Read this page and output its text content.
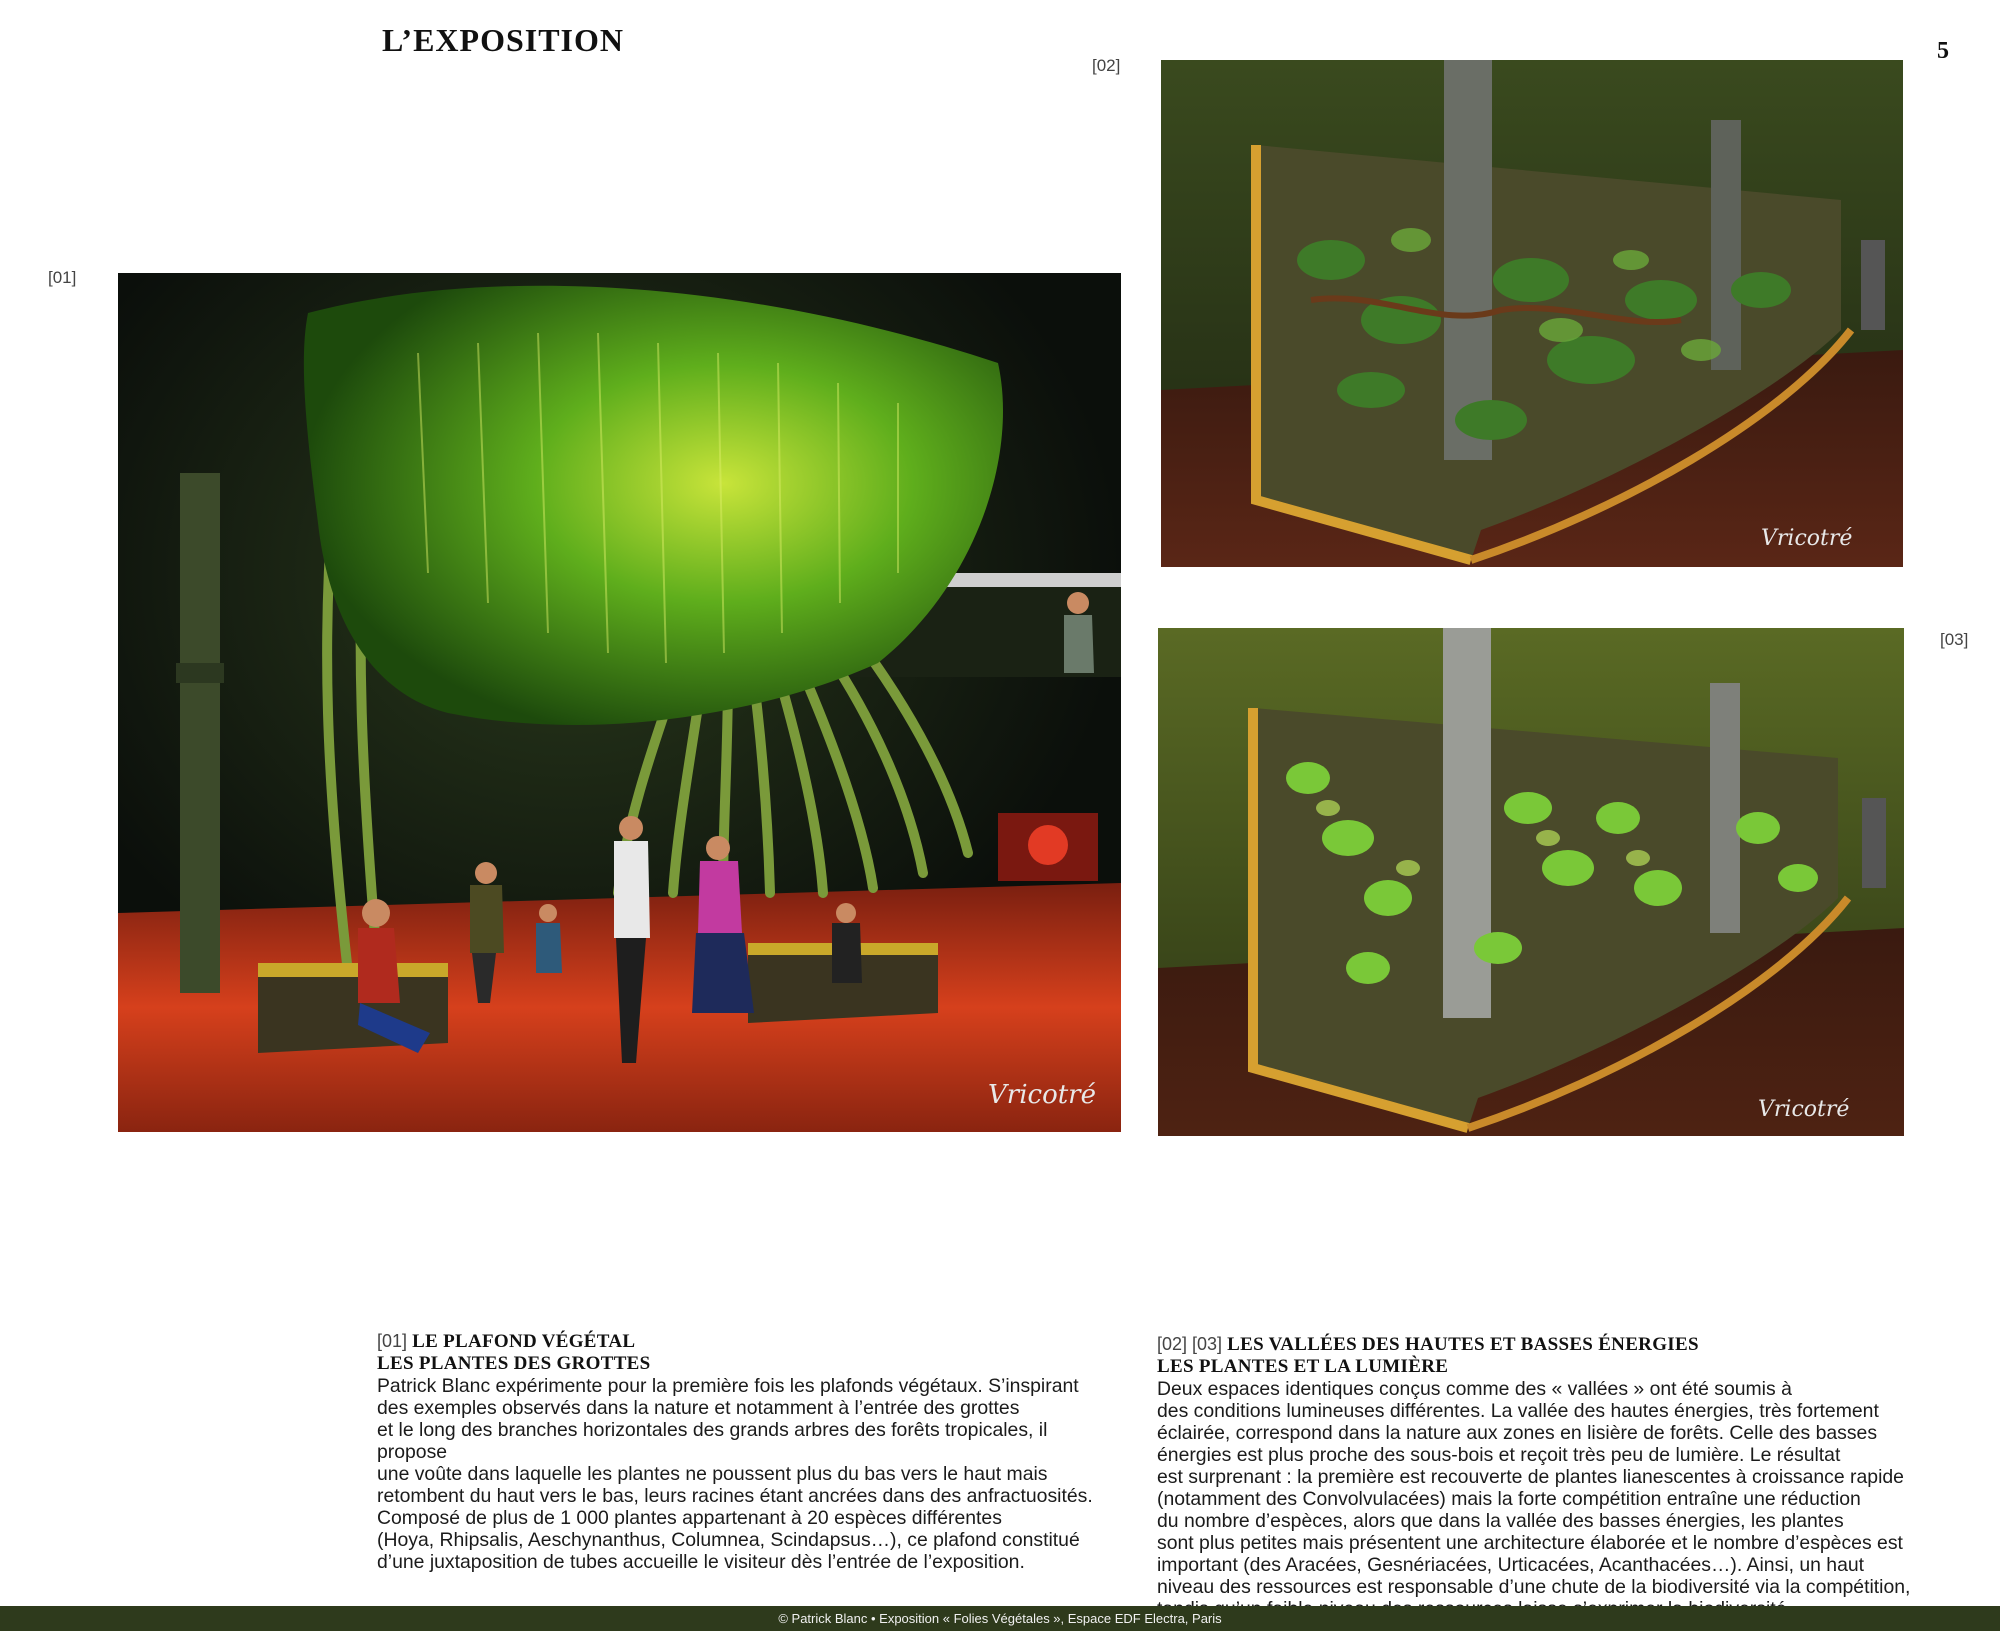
L’EXPOSITION	5
[01]
[02]
[03]
Vricotré
Vricotré
Vricotré
[01] LE PLAFOND VÉGÉTAL
LES PLANTES DES GROTTES

Patrick Blanc expérimente pour la première fois les plafonds végétaux. S’inspirant

des exemples observés dans la nature et notamment à l’entrée des grottes

et le long des branches horizontales des grands arbres des forêts tropicales, il propose

une voûte dans laquelle les plantes ne poussent plus du bas vers le haut mais

retombent du haut vers le bas, leurs racines étant ancrées dans des anfractuosités.

Composé de plus de 1 000 plantes appartenant à 20 espèces différentes

(Hoya, Rhipsalis, Aeschynanthus, Columnea, Scindapsus…), ce plafond constitué

d’une juxtaposition de tubes accueille le visiteur dès l’entrée de l’exposition.

[02] [03] LES VALLÉES DES HAUTES ET BASSES ÉNERGIES
LES PLANTES ET LA LUMIÈRE

Deux espaces identiques conçus comme des « vallées » ont été soumis à

des conditions lumineuses différentes. La vallée des hautes énergies, très fortement

éclairée, correspond dans la nature aux zones en lisière de forêts. Celle des basses

énergies est plus proche des sous-bois et reçoit très peu de lumière. Le résultat

est surprenant : la première est recouverte de plantes lianescentes à croissance rapide

(notamment des Convolvulacées) mais la forte compétition entraîne une réduction

du nombre d’espèces, alors que dans la vallée des basses énergies, les plantes

sont plus petites mais présentent une architecture élaborée et le nombre d’espèces est

important (des Aracées, Gesnériacées, Urticacées, Acanthacées…). Ainsi, un haut

niveau des ressources est responsable d’une chute de la biodiversité via la compétition,

© Patrick Blanc • Exposition « Folies Végétales », Espace EDF Electra, Paris
